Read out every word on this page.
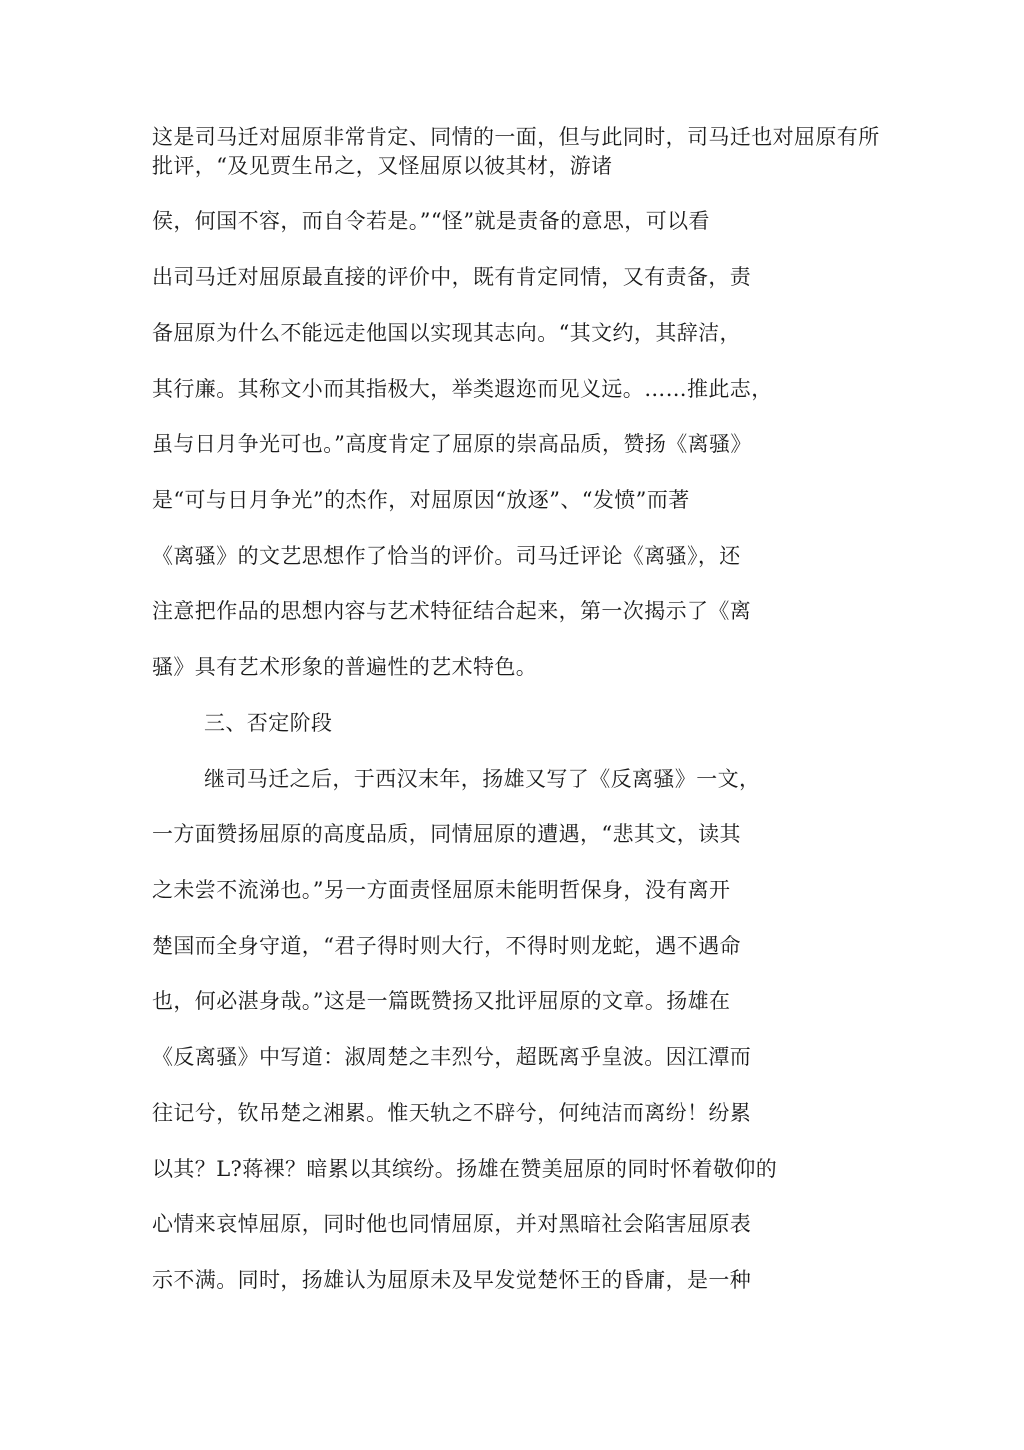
这是司马迁对屈原非常肯定、同情的一面，但与此同时，司马迁也对屈原有所
批评，“及见贾生吊之，又怪屈原以彼其材，游诸
侯，何国不容，而自令若是。”“怪”就是责备的意思，可以看
出司马迁对屈原最直接的评价中，既有肯定同情，又有责备，责
备屈原为什么不能远走他国以实现其志向。“其文约，其辞洁，
其行廉。其称文小而其指极大，举类遐迩而见义远。……推此志，
虽与日月争光可也。”高度肯定了屈原的崇高品质，赞扬《离骚》
是“可与日月争光”的杰作，对屈原因“放逐”、“发愤”而著
《离骚》的文艺思想作了恰当的评价。司马迁评论《离骚》，还
注意把作品的思想内容与艺术特征结合起来，第一次揭示了《离
骚》具有艺术形象的普遍性的艺术特色。
三、否定阶段
继司马迁之后，于西汉末年，扬雄又写了《反离骚》一文，
一方面赞扬屈原的高度品质，同情屈原的遭遇，“悲其文，读其
之未尝不流涕也。”另一方面责怪屈原未能明哲保身，没有离开
楚国而全身守道，“君子得时则大行，不得时则龙蛇，遇不遇命
也，何必湛身哉。”这是一篇既赞扬又批评屈原的文章。扬雄在
《反离骚》中写道：淑周楚之丰烈兮，超既离乎皇波。因江潭而
往记兮，钦吊楚之湘累。惟天轨之不辟兮，何纯洁而离纷！纷累
以其？L?蒋裸？暗累以其缤纷。扬雄在赞美屈原的同时怀着敬仰的
心情来哀悼屈原，同时他也同情屈原，并对黑暗社会陷害屈原表
示不满。同时，扬雄认为屈原未及早发觉楚怀王的昏庸，是一种
